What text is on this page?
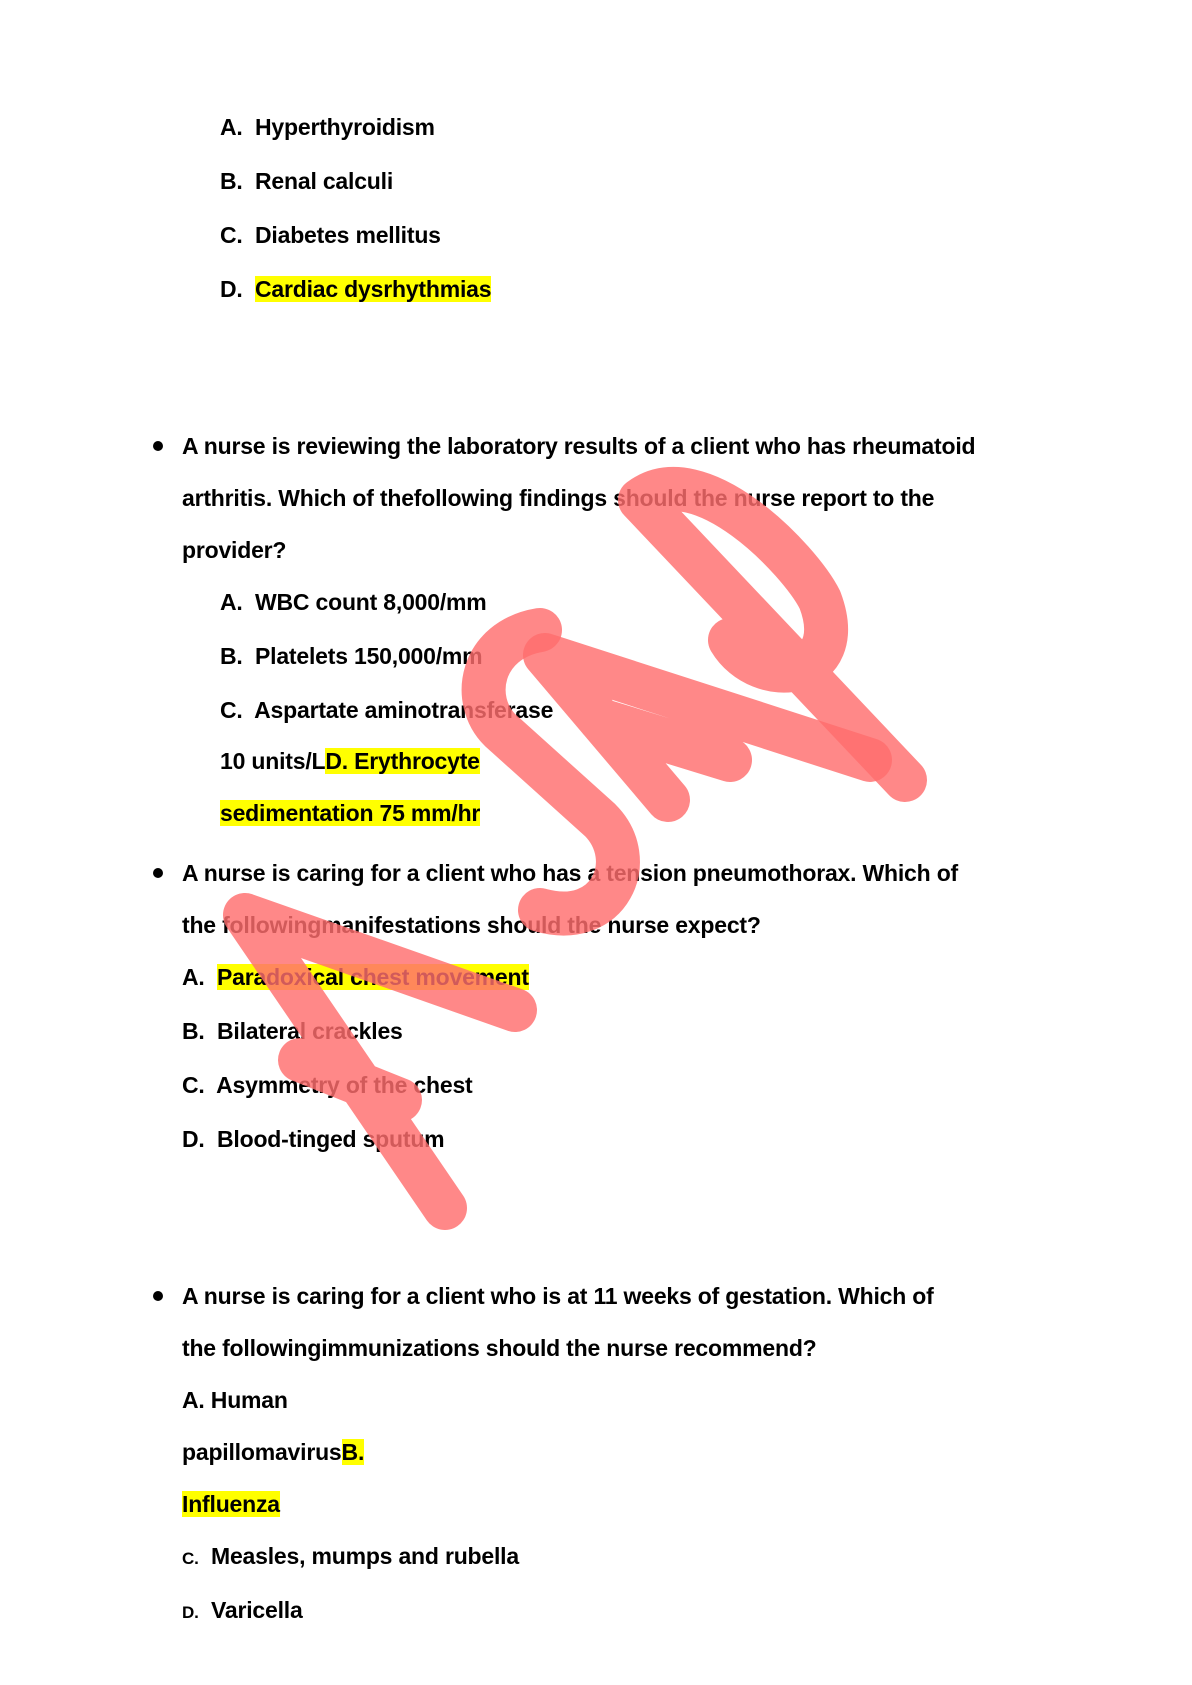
A. Hyperthyroidism
B. Renal calculi
C. Diabetes mellitus
D. Cardiac dysrhythmias
A nurse is reviewing the laboratory results of a client who has rheumatoid
arthritis. Which of thefollowing findings should the nurse report to the
provider?
A. WBC count 8,000/mm
B. Platelets 150,000/mm
C. Aspartate aminotransferase
10 units/LD. Erythrocyte
sedimentation 75 mm/hr
A nurse is caring for a client who has a tension pneumothorax. Which of
the followingmanifestations should the nurse expect?
A. Paradoxical chest movement
B. Bilateral crackles
C. Asymmetry of the chest
D. Blood-tinged sputum
A nurse is caring for a client who is at 11 weeks of gestation. Which of
the followingimmunizations should the nurse recommend?
A. Human
papillomavirusB.
Influenza
C. Measles, mumps and rubella
D. Varicella
